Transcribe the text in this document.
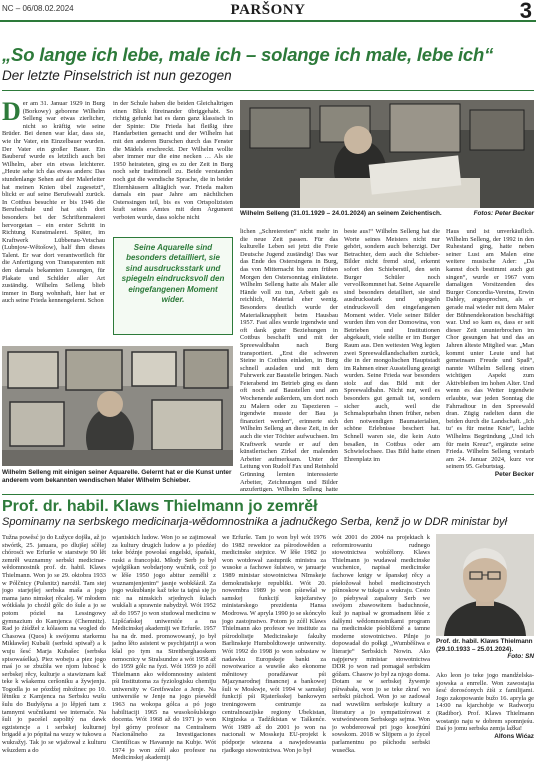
NC – 06/08.02.2024	PARŠONY	3
„So lange ich lebe, male ich – solange ich male, lebe ich“
Der letzte Pinselstrich ist nun gezogen
Der am 31. Januar 1929 in Burg (Borkowy) geborene Wilhelm Selleng war etwas zierlicher, nicht so kräftig wie seine Brüder. Bei denen war klar, dass sie, wie ihr Vater, ein Einzelbauer wurden. Der Vater ein großer Bauer. Ein Bauberuf wurde es letztlich auch bei Wilhelm, aber ein etwas leichterer. „Heute sehe ich das etwas anders: Das stundenlange Sehen auf der Malerleiter hat meinen Knien übel zugesetzt“, blickt er auf seine Berufswahl zurück. In Cottbus besuchte er bis 1946 die Berufsschule und hat sich dort besonders bei der Schriftenmalerei hervorgetan – ein erster Schritt in Richtung Kunstmalerei. Später, im Kraftwerk Lübbenau-Vetschau (Lubnjow-Wětošow), half ihm dieses Talent. Er war dort verantwortlich für die Anfertigung von Transparenten mit den damals bekannten Losungen, für Plakate und Schilder aller Art zuständig. Wilhelm Selleng blieb immer in Burg wohnhaft, hier hat er auch seine Frieda kennengelernt. Schon
in der Schule haben die beiden Gleichaltrigen einen Blick füreinander übriggehabt. So richtig gefunkt hat es dann ganz klassisch in der Spinte: Die Frieda hat fleißig ihre Handarbeiten gemacht und der Wilhelm hat mit den anderen Burschen durch das Fenster die Mädels erschreckt. Der Wilhelm wollte aber immer nur die eine necken … Als sie 1950 heirateten, ging es zu der Zeit in Burg noch sehr traditionell zu. Beide verstanden noch gut die wendische Sprache, die in beider Elternhäusern alltäglich war. Frieda malten damals ein paar Jahre am nächtlichen Osterssingen teil, bis es von Ortspolizisten kraft seines Amtes mit dem Argument verboten wurde, dass solche nicht
Seine Aquarelle sind besonders detailliert, sie sind ausdrucksstark und spiegeln eindrucksvoll den eingefangenen Moment wider.
Wilhelm Selleng (31.01.1929 – 24.01.2024) an seinem Zeichentisch.	Fotos: Peter Becker
lichen „Schreiereien“ nicht mehr in die neue Zeit passen. Für das kulturelle Leben sei jetzt die Freie Deutsche Jugend zuständig! Das war das Ende des Ostersingens in Burg, das von Mitternacht bis zum frühen Morgen den Ostersonntag einläutete. Wilhelm Selleng hatte als Maler alle Hände voll zu tun, Arbeit gab es reichlich, Material eher wenig. Besonders deutlich wurde der Materialknappheit beim Hausbau 1957. Fast alles wurde irgendwie und oft dank guter Beziehungen in Cottbus beschafft und mit der Spreewaldbahn nach Burg transportiert. „Erst die schweren Steine in Cottbus einladen, in Burg schnell ausladen und mit dem Fuhrwerk zur Baustelle bringen. Nach Feierabend im Betrieb ging es dann oft noch auf Baustellen und am Wochenende außerdem, um dort noch zu Malern oder zu Tapezieren – irgendwie musste der Bau ja finanziert werden“, erinnerte sich Wilhelm Selleng an diese Zeit, in der auch die vier Töchter aufwuchsen. Im Kraftwerk wurde er auf den künstlerischen Zirkel der malenden Arbeiter aufmerksam. Unter der Leitung von Rudolf Fax und Reinhold Grünning lernten interessierte Arbeiter, Zeichnungen und Bilder anzufertigen. Wilhelm Selleng hatte
beste aus!“ Wilhelm Selleng hat die Worte seines Meisters nicht nur gehört, sondern auch beherzigt. Der Betrachter, dem auch die Schieber-Bilder nicht fremd sind, erkennt sofort den Schieberstil, den sein Burger Schüler noch vervollkommnet hat. Seine Aquarelle sind besonders detailliert, sie sind ausdrucksstark und spiegeln eindrucksvoll den eingefangenen Moment wider. Viele seiner Bilder wurden ihm von der Domowina, von Betrieben und Institutionen abgekauft, viele stellte er im Burger Raum aus. Den weitesten Weg legten zwei Spreewaldlandschaften zurück, die in der mongolischen Hauptstadt im Rahmen einer Ausstellung gezeigt wurden. Seine Frieda war besonders stolz auf das Bild mit der Spreewaldbahn. Nicht nur, weil es besonders gut gemalt ist, sondern sicher auch, weil die Schmalspurbahn ihnen früher, neben den notwendigen Baumaterialien, schöne Erlebnisse beschert hat. Schnell waren sie, die kein Auto besaßen, in Cottbus oder am Schwielochsee. Das Bild hatte einen Ehrenplatz im
Haus und ist unverkäuflich. Wilhelm Selleng, der 1992 in den Ruhestand ging, hatte neben seiner Lust am Malen eine weitere musische Ader: „Da kannst doch bestimmt auch gut singen“, wurde er 1967 vom damaligen Vorsitzenden des Burger Concordia-Vereins, Erwin Dahley, angesprochen, als er gerade mal wieder mit dem Maler der Bühnendekoration beschäftigt war. Und so kam es, dass er seit dieser Zeit ununterbrochen im Chor gesungen hat und das an Jahren älteste Mitglied war. „Man kommt unter Leute und hat gemeinsam Freude und Spaß“, nannte Wilhelm Selleng einen wichtigen Aspekt zum Aktivbleiben im hohen Alter. Und wenn es das Wetter irgendwie erlaubte, war jeden Sonntag die Fahrradtour in den Spreewald dran. Zügig radelten dann die beiden durch die Landschaft. „Ich tu’ es für meine Knie“, lachte Wilhelms Begründung „Und ich für mein Kreuz“, ergänzte seine Frieda. Wilhelm Selleng verstarb am 24. Januar 2024, kurz vor seinem 95. Geburtstag.
Peter Becker
Wilhelm Selleng mit einigen seiner Aquarelle. Gelernt hat er die Kunst unter anderem vom bekannten wendischen Maler Wilhelm Schieber.
Prof. dr. habil. Klaws Thielmann jo zemrěł
Spominamy na serbskego medicinarja-wědomnostnika a jadnučkego Serba, kenž jo w DDR ministar był
Tužna powěsć jo do Łužyce dojšła, až jo stwórtk, 25. januara, po dlujšej sćělej chórosći we Erfurše w starstwje 90 lět zemrěł wuznamny serbski medicinar-wědomnostnik prof. dr. habil. Klaws Thielmann. Won jo se 29. oktobra 1933 w Pólčnicy (Pulsnitz) naroźił. Tam stej jogo starjejšej serbska maša a jogo mama jano nimskej rěcalej. W młodem wótkšała jo choźił gólc do šule a jo se potom póziel na Lessingowy gymnazium do Kamjenca (Chemnitz). Rad jo źiśdžeł z kólasom na wogled do Chasowa (Quos) k swójomu starkemu Mikławšej Kubaši (serbski spiwař) a k wuju šesć Marja Kubašec (serbska spisowaśelka). Piez wobeju a piez jogo maś jo se zbuźiła we njom lubosć k serbskej rěcy, kulturje a stawiznam kaž teke k wšakemu ceršoniku a žywjenju. Togodla jo se pózdźej młoźinec po 10. lětniku z Kamjenca na Serbsku wušu šulu do Budyšyna a jo lěpjeń tam z tamnymi wučnikami we internaće. Na šuli jo pacešel zapolitý na dawk egzistencje a i serbskej kulturnej brigadě a jo pópitał na wuzy w tukowu a wukražyj. Tak jo se wjažował z kulturu wšuzdem a do
wjaniskich ludow. Won jo se zajimował za kultury drugich ludow a jo pózdźej teke bóźnje powołaś engelski, śpański, ruski a francojski. Młody Serb jo był wjelgiškan wobdarjony wučnik, což jo w lěše 1950 jogo abitur zemělił z wuznamjenjenim“ jasnje wobkšáził. Za jogo wukubłanje kaž teke ta tajná się jo nic na nimskich srjednych šulach wukšali a sprawnie nabydżył. Wót 1952 až do 1957 jo won studował medicinu w Lipšćańskej uniwersiće a na Medicinskej akademiji we Erfurše. 1957 ha na dr. med. promowowaný, jo był jadno lěto asistent w psychijatriji a won kšal po tym na Streitberghaoskem nemocnicy w Stralsundze a wót 1958 až do 1959 gólc na fyzi. Wót 1959 jo zćěl Thielmann ako wědomnostny asistent pśi Institutoma za fyziologisku chemiju uniwersity w Greifswalze a Jenje. Na uniwersiše w Jenje na jogo pśewědł 1963 na wokopa gólca a pó jogo habilitaciji 1965 na wusokošulskego docenta. Wót 1968 až do 1971 jo won był górny profesor na Centralnem Nacionálneho za Investigaciones Científicas w Havannje na Kubje. Wót 1974 jo won zćěl ako profesor na Medicinskej akademiji
we Erfurše. Tam jo won był wót 1976 do 1982 rewektor za pśirodowěden a medicinske stejnice. W lěše 1982 jo won wotdował zastupnik ministra za wusoke a fachowe šulstwo, w januarje 1989 ministar stowotnictwa NImskeje demokratiskeje republiki. Wót 20. nowembra 1989 jo won pśiewšal w samskej funkcijí knježarstwy ministarskego prezidenta Hansa Modrowa. W apryla 1990 jo se skóncyło jogo zastojnstwo. Potom jo zćěl Klaws Thielmann ako profesor we institute za pśirodolistje Medicinskeje fakulty Barlinskeje Humboldtoweje uniwersity. Wót 1992 do 1998 jo won sobustaw w nadawku Europskeje banki za nowotwaríce a wuwiše ako ekonome měnitowy poradźawar pśi Mjazynarodnej financnej a bankowej šuli w Moskwje, wót 1994 w samskej funkcijí pśi Rjateršsskej bankowym treningowem centrumje za centralnoazijske regiony Ubekistan, Kirgizska a Tadźikistan w Taškenće. Wót 1989 až do 2001 jo won na nacionali w Mosskeju EU-projekt k pódporje wiezena a nawjedowania rjadkego stowotnictwa. Won jo był
wót 2001 do 2004 na projektach k reformirowaniu rudnego stowotnictwa wobźělony. Klaws Thielmann jo wudawał medicinske wuchenice, napisał medicinske fachowe knigy w španskej rěcy a pśełožował hobel medicinostrych pśinoskow w tukaju a wukraju. Cesto jo pśebywał zapalony Serb we swójom zbawowitem baduchnośe, kuž jo napisał w gromadnem lěśe z dalšymi wědomnostnikami program na medicinskie pśobliženě a tamne moderne stowotnictwo. Pilnje jo dopowadał do połkgi „Wumběšiwa e literarje“ Serbskich Nowin. Ako najpjerwy ministar stowotnictwa DDR jo won rad pomagał serbskim góžam. Chasow jo był za njogo doma. Dotam se w serbskej žywenje pśiwabała, won jo se teke zkrať wo serbski pśichod. Won jo se zadował nad wuwišim serbskeje kultury a literatury a jo sympatizérowat z wutwórstwom Serbskego sejma. Won jo wobdereował pri jogo kosejtúní sowskom. 2018 w Slijpem a jo źyceł parlamentnu po pśichodu serbski wusečka.
Prof. dr. habil. Klaws Thielmann (29.10.1933 – 25.01.2024).
Foto: SN
Ako leon jo teke jogo mandźelska-sjowska a enrrelle. Won zawostajia šesć dorosćonych źiśi z familijami. Jogo zakopowanie bužo 16. apryla ge 14:00 na kjarchobje w Radworju (Radibor). Prof. Klaws Thielmann wostanjo naju w dobrem spomnjeśu. Daś jo jomu serbska zemja lažka!
Alfons Wićaz
